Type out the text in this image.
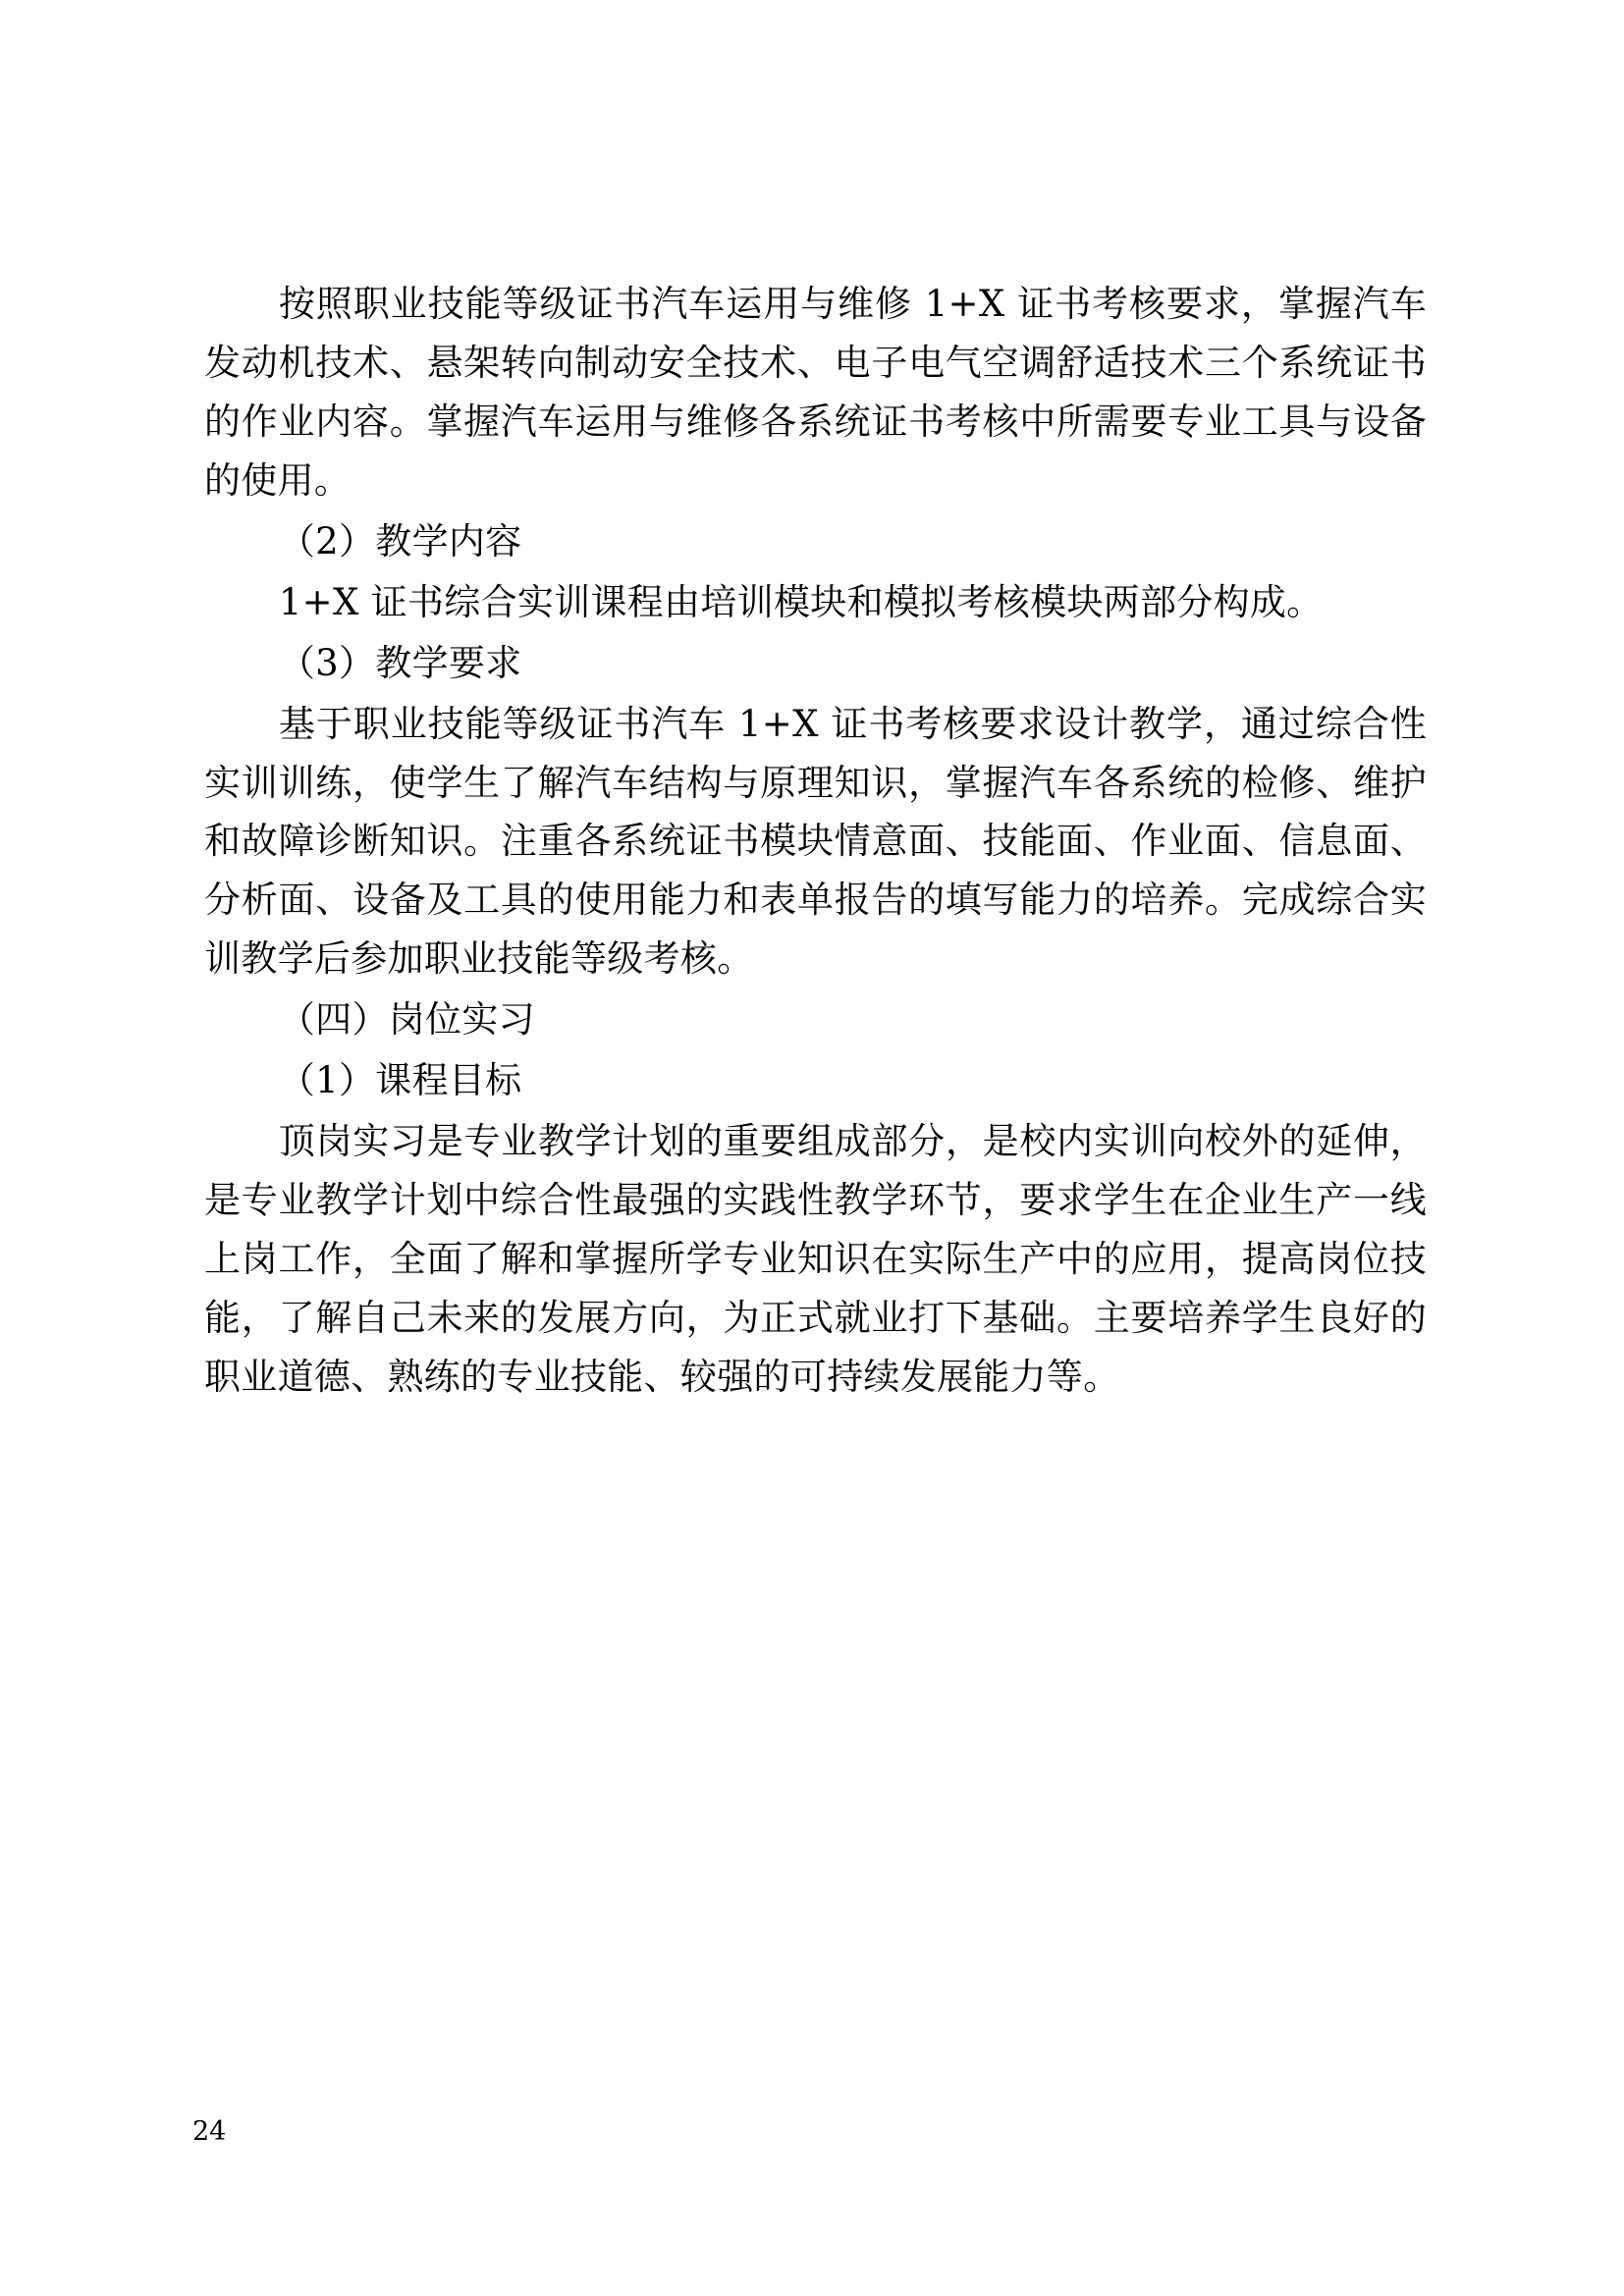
按照职业技能等级证书汽车运用与维修 1+X 证书考核要求，掌握汽车发动机技术、悬架转向制动安全技术、电子电气空调舒适技术三个系统证书的作业内容。掌握汽车运用与维修各系统证书考核中所需要专业工具与设备的使用。

（2）教学内容

1+X 证书综合实训课程由培训模块和模拟考核模块两部分构成。

（3）教学要求

基于职业技能等级证书汽车 1+X 证书考核要求设计教学，通过综合性实训训练，使学生了解汽车结构与原理知识，掌握汽车各系统的检修、维护和故障诊断知识。注重各系统证书模块情意面、技能面、作业面、信息面、分析面、设备及工具的使用能力和表单报告的填写能力的培养。完成综合实训教学后参加职业技能等级考核。

（四）岗位实习

（1）课程目标

顶岗实习是专业教学计划的重要组成部分，是校内实训向校外的延伸，是专业教学计划中综合性最强的实践性教学环节，要求学生在企业生产一线上岗工作，全面了解和掌握所学专业知识在实际生产中的应用，提高岗位技能，了解自己未来的发展方向，为正式就业打下基础。主要培养学生良好的职业道德、熟练的专业技能、较强的可持续发展能力等。

24
